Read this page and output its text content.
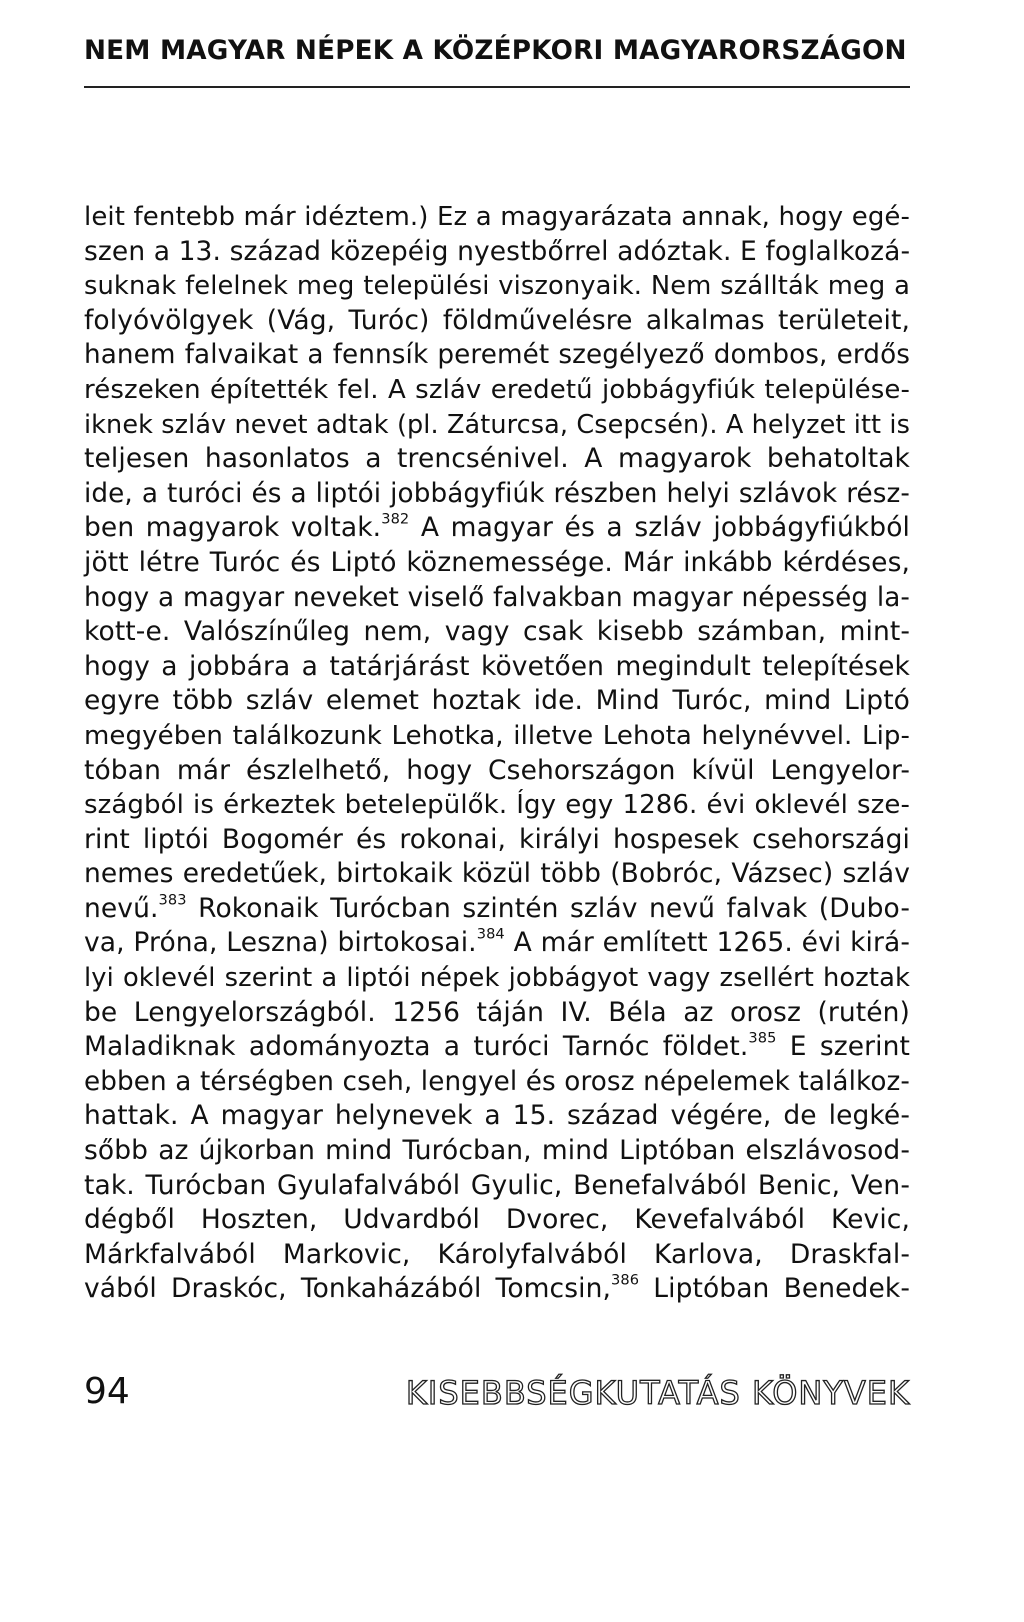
NEM MAGYAR NÉPEK A KÖZÉPKORI MAGYARORSZÁGON
leit fentebb már idéztem.) Ez a magyarázata annak, hogy egé-
szen a 13. század közepéig nyestbőrrel adóztak. E foglalkozá-
suknak felelnek meg települési viszonyaik. Nem szállták meg a
folyóvölgyek (Vág, Turóc) földművelésre alkalmas területeit,
hanem falvaikat a fennsík peremét szegélyező dombos, erdős
részeken építették fel. A szláv eredetű jobbágyfiúk települése-
iknek szláv nevet adtak (pl. Záturcsa, Csepcsén). A helyzet itt is
teljesen hasonlatos a trencsénivel. A magyarok behatoltak
ide, a turóci és a liptói jobbágyfiúk részben helyi szlávok rész-
ben magyarok voltak.$^{382}$ A magyar és a szláv jobbágyfiúkból
jött létre Turóc és Liptó köznemessége. Már inkább kérdéses,
hogy a magyar neveket viselő falvakban magyar népesség la-
kott-e. Valószínűleg nem, vagy csak kisebb számban, mint-
hogy a jobbára a tatárjárást követően megindult telepítések
egyre több szláv elemet hoztak ide. Mind Turóc, mind Liptó
megyében találkozunk Lehotka, illetve Lehota helynévvel. Lip-
tóban már észlelhető, hogy Csehországon kívül Lengyelor-
szágból is érkeztek betelepülők. Így egy 1286. évi oklevél sze-
rint liptói Bogomér és rokonai, királyi hospesek csehországi
nemes eredetűek, birtokaik közül több (Bobróc, Vázsec) szláv
nevű.$^{383}$ Rokonaik Turócban szintén szláv nevű falvak (Dubo-
va, Próna, Leszna) birtokosai.$^{384}$ A már említett 1265. évi kirá-
lyi oklevél szerint a liptói népek jobbágyot vagy zsellért hoztak
be Lengyelországból. 1256 táján IV. Béla az orosz (rutén)
Maladiknak adományozta a turóci Tarnóc földet.$^{385}$ E szerint
ebben a térségben cseh, lengyel és orosz népelemek találkoz-
hattak. A magyar helynevek a 15. század végére, de legké-
sőbb az újkorban mind Turócban, mind Liptóban elszlávosod-
tak. Turócban Gyulafalvából Gyulic, Benefalvából Benic, Ven-
dégből Hoszten, Udvardból Dvorec, Kevefalvából Kevic,
Márkfalvából Markovic, Károlyfalvából Karlova, Draskfal-
vából Draskóc, Tonkaházából Tomcsin,$^{386}$ Liptóban Benedek-
94	KISEBBSÉGKUTATÁS KÖNYVEK
